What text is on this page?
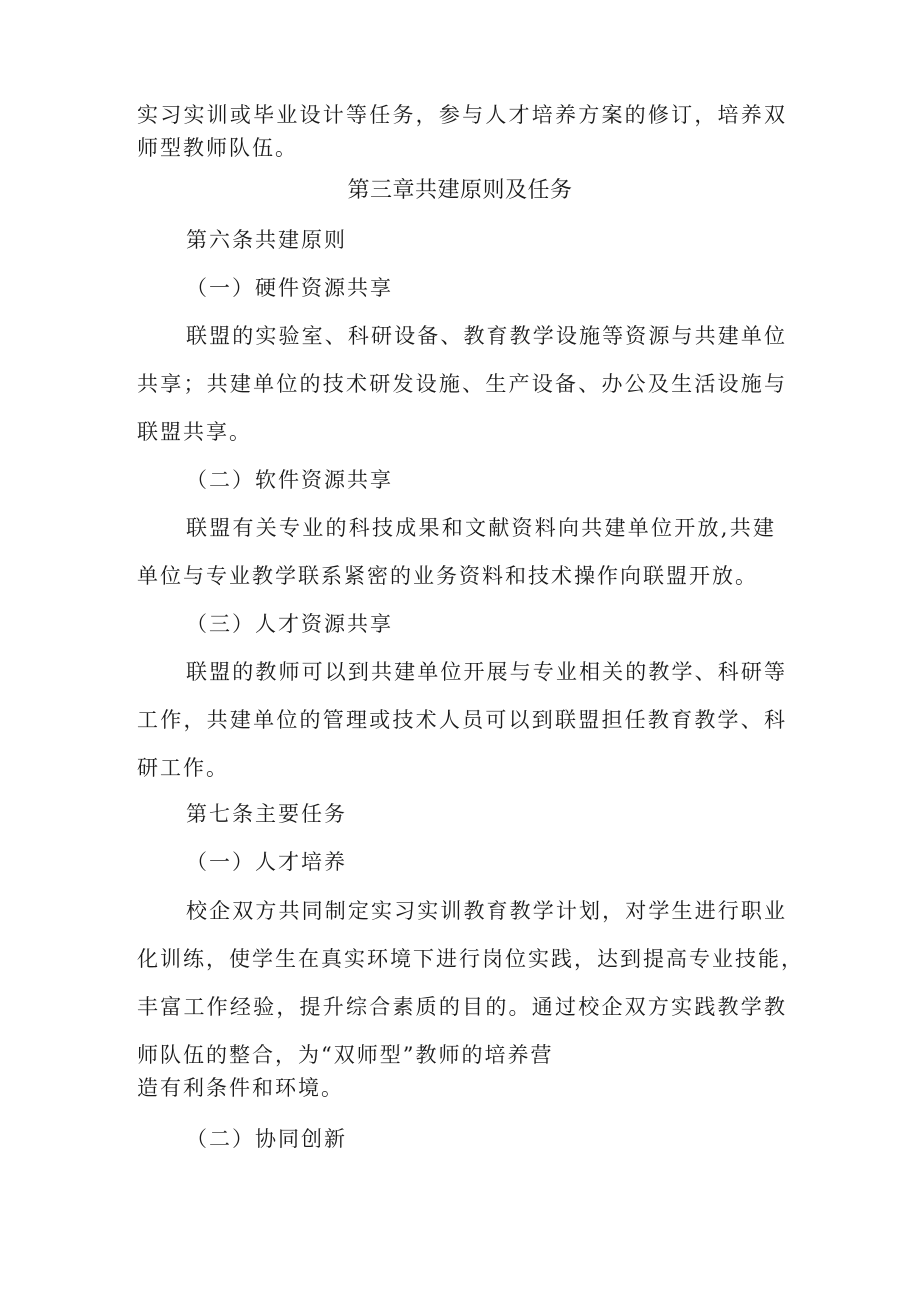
实习实训或毕业设计等任务，参与人才培养方案的修订，培养双

师型教师队伍。

第三章共建原则及任务

第六条共建原则

（一）硬件资源共享

联盟的实验室、科研设备、教育教学设施等资源与共建单位

共享；共建单位的技术研发设施、生产设备、办公及生活设施与

联盟共享。

（二）软件资源共享

联盟有关专业的科技成果和文献资料向共建单位开放,共建

单位与专业教学联系紧密的业务资料和技术操作向联盟开放。

（三）人才资源共享

联盟的教师可以到共建单位开展与专业相关的教学、科研等

工作，共建单位的管理或技术人员可以到联盟担任教育教学、科

研工作。

第七条主要任务

（一）人才培养

校企双方共同制定实习实训教育教学计划，对学生进行职业

化训练，使学生在真实环境下进行岗位实践，达到提高专业技能，

丰富工作经验，提升综合素质的目的。通过校企双方实践教学教

师队伍的整合，为“双师型”教师的培养营

造有利条件和环境。

（二）协同创新
